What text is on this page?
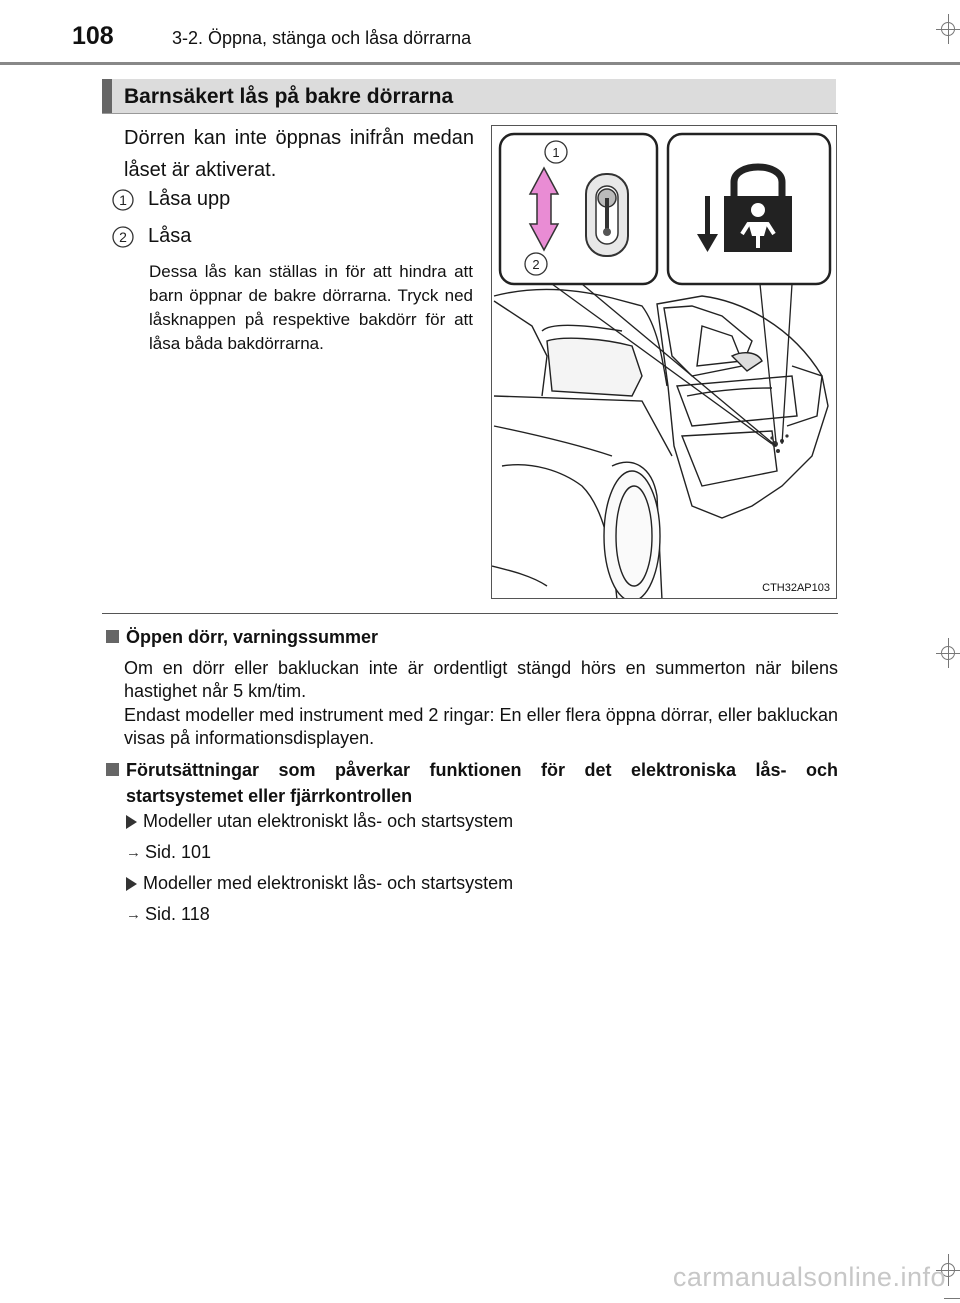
108	3-2. Öppna, stänga och låsa dörrarna
Barnsäkert lås på bakre dörrarna
Dörren kan inte öppnas inifrån medan låset är aktiverat.
1 Låsa upp
2 Låsa
Dessa lås kan ställas in för att hindra att barn öppnar de bakre dörrarna. Tryck ned låsknappen på respektive bakdörr för att låsa båda bakdörrarna.
1
2
CTH32AP103
Öppen dörr, varningssummer
Om en dörr eller bakluckan inte är ordentligt stängd hörs en summerton när bilens hastighet når 5 km/tim.
Endast modeller med instrument med 2 ringar: En eller flera öppna dörrar, eller bakluckan visas på informationsdisplayen.
Förutsättningar som påverkar funktionen för det elektroniska lås- och startsystemet eller fjärrkontrollen
Modeller utan elektroniskt lås- och startsystem
→ Sid. 101
Modeller med elektroniskt lås- och startsystem
→ Sid. 118
carmanualsonline.info
